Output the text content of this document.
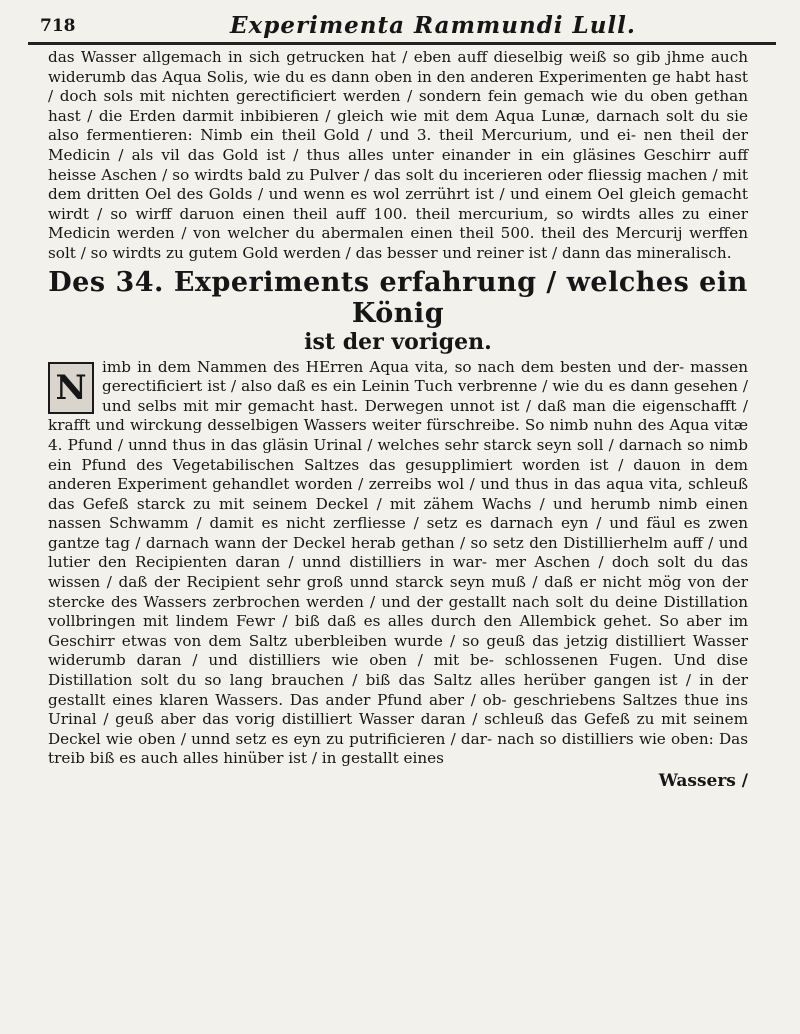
718	Experimenta Rammundi Lull.

das Wasser allgemach in sich getrucken hat / eben auff dieselbig weiß so gib jhme auch widerumb das Aqua Solis, wie du es dann oben in den anderen Experimenten ge habt hast / doch sols mit nichten gerectificiert werden / sondern fein gemach wie du oben gethan hast / die Erden darmit inbibieren / gleich wie mit dem Aqua Lunæ, darnach solt du sie also fermentieren: Nimb ein theil Gold / und 3. theil Mercurium, und ei- nen theil der Medicin / als vil das Gold ist / thus alles unter einander in ein gläsines Geschirr auff heisse Aschen / so wirdts bald zu Pulver / das solt du incerieren oder fliessig machen / mit dem dritten Oel des Golds / und wenn es wol zerrührt ist / und einem Oel gleich gemacht wirdt / so wirff daruon einen theil auff 100. theil mercurium, so wirdts alles zu einer Medicin werden / von welcher du abermalen einen theil 500. theil des Mercurij werffen solt / so wirdts zu gutem Gold werden / das besser und reiner ist / dann das mineralisch.

Des 34. Experiments erfahrung / welches ein König
ist der vorigen.
N

imb in dem Nammen des HErren Aqua vita, so nach dem besten und der- massen gerectificiert ist / also daß es ein Leinin Tuch verbrenne / wie du es dann gesehen / und selbs mit mir gemacht hast. Derwegen unnot ist / daß man die eigenschafft / krafft und wirckung desselbigen Wassers weiter fürschreibe. So nimb nuhn des Aqua vitæ 4. Pfund / unnd thus in das gläsin Urinal / welches sehr starck seyn soll / darnach so nimb ein Pfund des Vegetabilischen Saltzes das gesupplimiert worden ist / dauon in dem anderen Experiment gehandlet worden / zerreibs wol / und thus in das aqua vita, schleuß das Gefeß starck zu mit seinem Deckel / mit zähem Wachs / und herumb nimb einen nassen Schwamm / damit es nicht zerfliesse / setz es darnach eyn / und fäul es zwen gantze tag / darnach wann der Deckel herab gethan / so setz den Distillierhelm auff / und lutier den Recipienten daran / unnd distilliers in war- mer Aschen / doch solt du das wissen / daß der Recipient sehr groß unnd starck seyn muß / daß er nicht mög von der stercke des Wassers zerbrochen werden / und der gestallt nach solt du deine Distillation vollbringen mit lindem Fewr / biß daß es alles durch den Allembick gehet. So aber im Geschirr etwas von dem Saltz uberbleiben wurde / so geuß das jetzig distilliert Wasser widerumb daran / und distilliers wie oben / mit be- schlossenen Fugen. Und dise Distillation solt du so lang brauchen / biß das Saltz alles herüber gangen ist / in der gestallt eines klaren Wassers. Das ander Pfund aber / ob- geschriebens Saltzes thue ins Urinal / geuß aber das vorig distilliert Wasser daran / schleuß das Gefeß zu mit seinem Deckel wie oben / unnd setz es eyn zu putrificieren / dar- nach so distilliers wie oben: Das treib biß es auch alles hinüber ist / in gestallt eines

Wassers /
